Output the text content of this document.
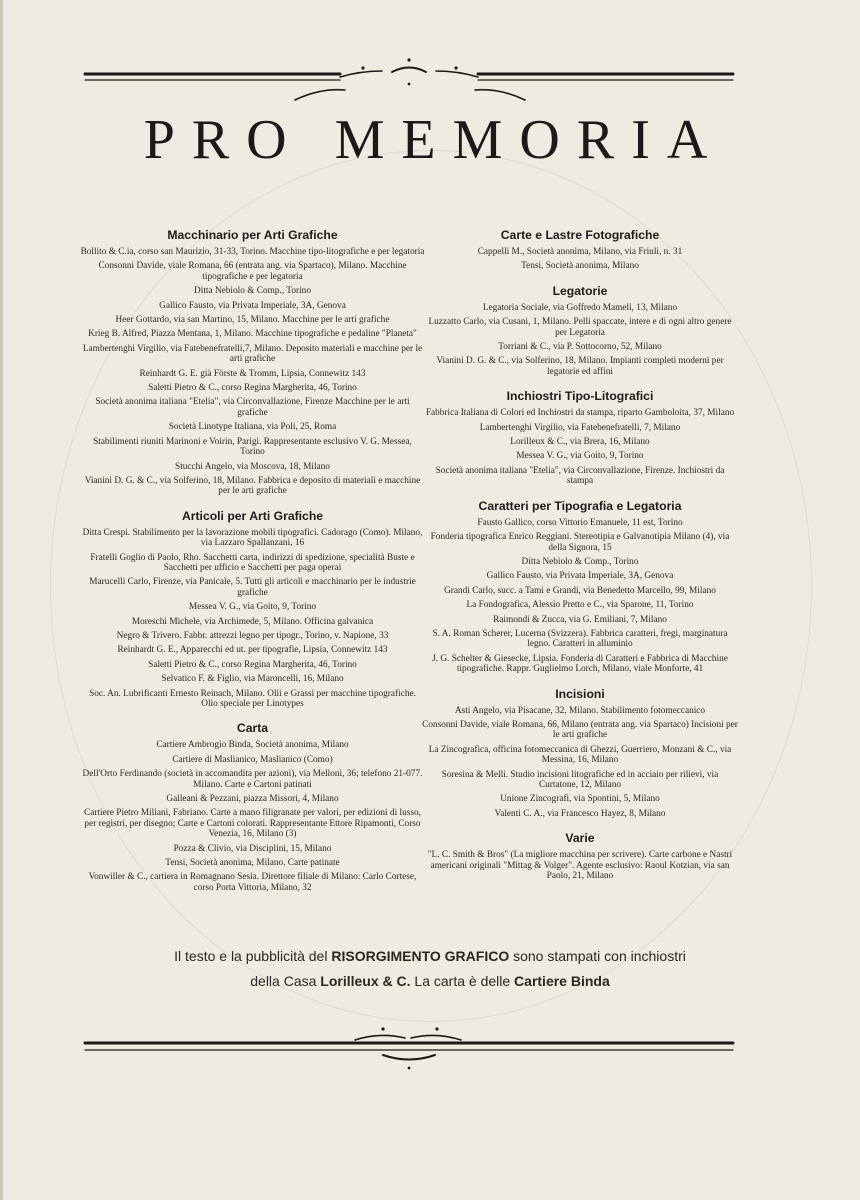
PRO MEMORIA
Macchinario per Arti Grafiche
Bollito & C.ia, corso san Maurizio, 31-33, Torino. Macchine tipo-litografiche e per legatoria
Consonni Davide, viale Romana, 66 (entrata ang. via Spartaco), Milano. Macchine tipografiche e per legatoria
Ditta Nebiolo & Comp., Torino
Gallico Fausto, via Privata Imperiale, 3A, Genova
Heer Gottardo, via san Martino, 15, Milano. Macchine per le arti grafiche
Krieg B. Alfred, Piazza Mentana, 1, Milano. Macchine tipografiche e pedaline "Planeta"
Lambertenghi Virgilio, via Fatebenefratelli,7, Milano. Deposito materiali e macchine per le arti grafiche
Reinhardt G. E. già Förste & Tromm, Lipsia, Connewitz 143
Saletti Pietro & C., corso Regina Margherita, 46, Torino
Società anonima italiana "Etelia", via Circonvallazione, Firenze Macchine per le arti grafiche
Società Linotype Italiana, via Poli, 25, Roma
Stabilimenti riuniti Marinoni e Voirin, Parigi. Rappresentante esclusivo V. G. Messea, Torino
Stucchi Angelo, via Moscova, 18, Milano
Vianini D. G. & C., via Solferino, 18, Milano. Fabbrica e deposito di materiali e macchine per le arti grafiche
Articoli per Arti Grafiche
Ditta Crespi. Stabilimento per la lavorazione mobili tipografici. Cadorago (Como). Milano, via Lazzaro Spallanzani, 16
Fratelli Goglio di Paolo, Rho. Sacchetti carta, indirizzi di spedizione, specialità Buste e Sacchetti per ufficio e Sacchetti per paga operai
Marucelli Carlo, Firenze, via Panicale, 5. Tutti gli articoli e macchinario per le industrie grafiche
Messea V. G., via Goito, 9, Torino
Moreschi Michele, via Archimede, 5, Milano. Officina galvanica
Negro & Trivero. Fabbr. attrezzi legno per tipogr., Torino, v. Napione, 33
Reinhardt G. E., Apparecchi ed ut. per tipografie, Lipsia, Connewitz 143
Saletti Pietro & C., corso Regina Margherita, 46, Torino
Selvatico F. & Figlio, via Maroncelli, 16, Milano
Soc. An. Lubrificanti Ernesto Reinach, Milano. Olii e Grassi per macchine tipografiche. Olio speciale per Linotypes
Carta
Cartiere Ambrogio Binda, Società anonima, Milano
Cartiere di Maslianico, Maslianico (Como)
Dell'Orto Ferdinando (società in accomandita per azioni), via Melloni, 36; telefono 21-077. Milano. Carte e Cartoni patinati
Galleani & Pezzani, piazza Missori, 4, Milano
Cartiere Pietro Miliani, Fabriano. Carte a mano filigranate per valori, per edizioni di lusso, per registri, per disegno; Carte e Cartoni colorati. Rappresentante Ettore Ripamonti, Corso Venezia, 16, Milano (3)
Pozza & Clivio, via Disciplini, 15, Milano
Tensi, Società anonima, Milano. Carte patinate
Vonwiller & C., cartiera in Romagnano Sesia. Direttore filiale di Milano: Carlo Cortese, corso Porta Vittoria, Milano, 32
Carte e Lastre Fotografiche
Cappelli M., Società anonima, Milano, via Friuli, n. 31
Tensi, Società anonima, Milano
Legatorie
Legatoria Sociale, via Goffredo Mameli, 13, Milano
Luzzatto Carlo, via Cusani, 1, Milano. Pelli spaccate, intere e di ogni altro genere per Legatoria
Torriani & C., via P. Sottocorno, 52, Milano
Vianini D. G. & C., via Solferino, 18, Milano. Impianti completi moderni per legatorie ed affini
Inchiostri Tipo-Litografici
Fabbrica Italiana di Colori ed Inchiostri da stampa, riparto Gamboloita, 37, Milano
Lambertenghi Virgilio, via Fatebenefratelli, 7, Milano
Lorilleux & C., via Brera, 16, Milano
Messea V. G., via Goito, 9, Torino
Società anonima italiana "Etelia", via Circonvallazione, Firenze. Inchiostri da stampa
Caratteri per Tipografia e Legatoria
Fausto Gallico, corso Vittorio Emanuele, 11 est, Torino
Fonderia tipografica Enrico Reggiani. Stereotipia e Galvanotipia Milano (4), via della Signora, 15
Ditta Nebiolo & Comp., Torino
Gallico Fausto, via Privata Imperiale, 3A, Genova
Grandi Carlo, succ. a Tami e Grandi, via Benedetto Marcello, 99, Milano
La Fondografica, Alessio Pretto e C., via Sparone, 11, Torino
Raimondi & Zucca, via G. Emiliani, 7, Milano
S. A. Roman Scherer, Lucerna (Svizzera). Fabbrica caratteri, fregi, marginatura legno. Caratteri in alluminio
J. G. Schelter & Giesecke, Lipsia. Fonderia di Caratteri e Fabbrica di Macchine tipografiche. Rappr. Guglielmo Lorch, Milano, viale Monforte, 41
Incisioni
Asti Angelo, via Pisacane, 32, Milano. Stabilimento fotomeccanico
Consonni Davide, viale Romana, 66, Milano (entrata ang. via Spartaco) Incisioni per le arti grafiche
La Zincografica, officina fotomeccanica di Ghezzi, Guerriero, Monzani & C., via Messina, 16, Milano
Soresina & Melli. Studio incisioni litografiche ed in acciaio per rilievi, via Curtatone, 12, Milano
Unione Zincografi, via Spontini, 5, Milano
Valenti C. A., via Francesco Hayez, 8, Milano
Varie
"L. C. Smith & Bros" (La migliore macchina per scrivere). Carte carbone e Nastri americani originali "Mittag & Volger". Agente esclusivo: Raoul Kotzian, via san Paolo, 21, Milano
Il testo e la pubblicità del RISORGIMENTO GRAFICO sono stampati con inchiostri
della Casa Lorilleux & C. La carta è delle Cartiere Binda
